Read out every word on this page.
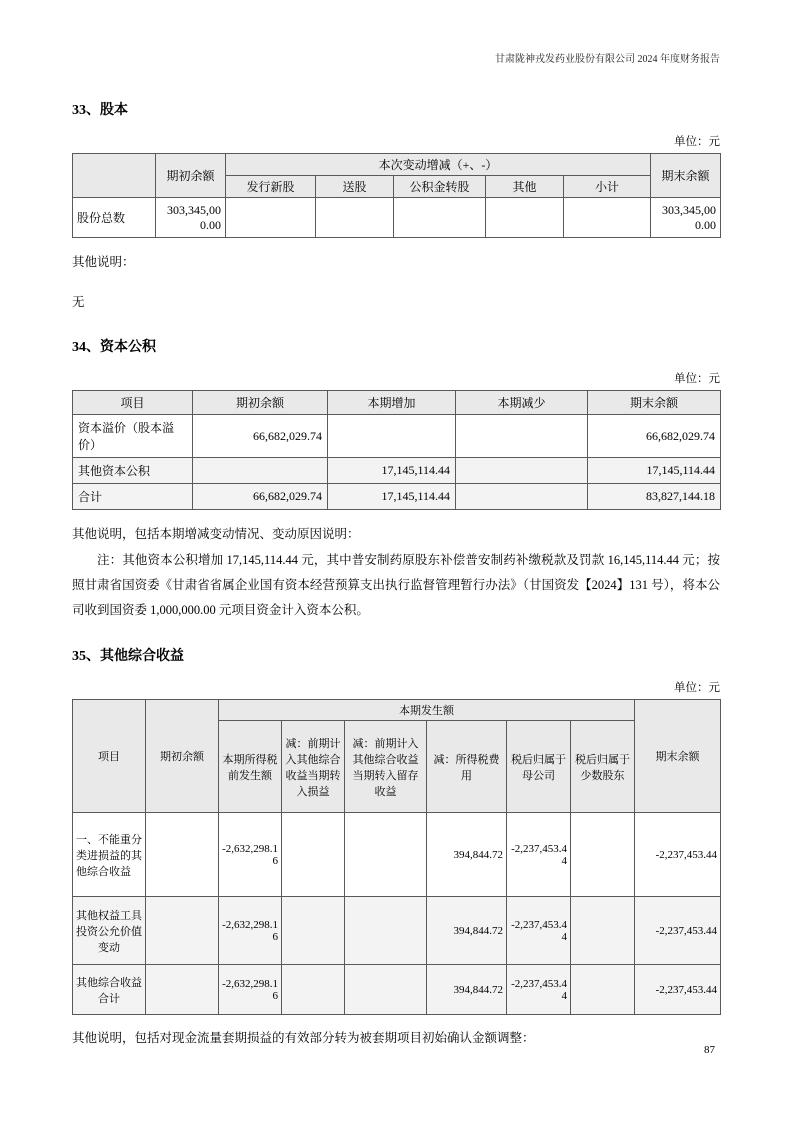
甘肃陇神戎发药业股份有限公司 2024 年度财务报告
33、股本
单位：元
	期初余额	本次变动增减（+、-）					期末余额
		发行新股	送股	公积金转股	其他	小计	
股份总数	303,345,000.00						303,345,000.00
其他说明：
无
34、资本公积
单位：元
项目	期初余额	本期增加	本期减少	期末余额
资本溢价（股本溢价）	66,682,029.74			66,682,029.74
其他资本公积		17,145,114.44		17,145,114.44
合计	66,682,029.74	17,145,114.44		83,827,144.18
其他说明，包括本期增减变动情况、变动原因说明：

注：其他资本公积增加 17,145,114.44 元，其中普安制药原股东补偿普安制药补缴税款及罚款 16,145,114.44 元；按照甘肃省国资委《甘肃省省属企业国有资本经营预算支出执行监督管理暂行办法》（甘国资发【2024】131 号），将本公司收到国资委 1,000,000.00 元项目资金计入资本公积。

35、其他综合收益
单位：元
项目	期初余额	本期发生额						期末余额
		本期所得税前发生额	减：前期计入其他综合收益当期转入损益	减：前期计入其他综合收益当期转入留存收益	减：所得税费用	税后归属于母公司	税后归属于少数股东	
一、不能重分类进损益的其他综合收益		-2,632,298.16			394,844.72	-2,237,453.44		-2,237,453.44
其他权益工具投资公允价值变动		-2,632,298.16			394,844.72	-2,237,453.44		-2,237,453.44
其他综合收益合计		-2,632,298.16			394,844.72	-2,237,453.44		-2,237,453.44
其他说明，包括对现金流量套期损益的有效部分转为被套期项目初始确认金额调整：
87
